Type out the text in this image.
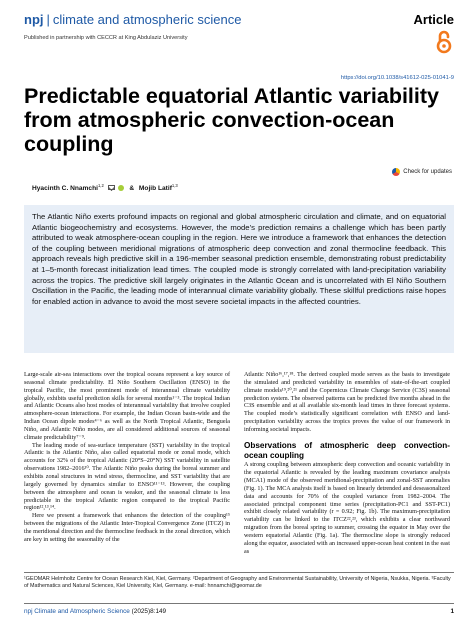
npj | climate and atmospheric science	Article
Published in partnership with CECCR at King Abdulaziz University
https://doi.org/10.1038/s41612-025-01041-9
Predictable equatorial Atlantic variability from atmospheric convection-ocean coupling
Check for updates
Hyacinth C. Nnamchi$^{1,2}$	& Mojib Latif$^{1,3}$

The Atlantic Niño exerts profound impacts on regional and global atmospheric circulation and climate, and on equatorial Atlantic biogeochemistry and ecosystems. However, the mode’s prediction remains a challenge which has been partly attributed to weak atmosphere-ocean coupling in the region. Here we introduce a framework that enhances the detection of the coupling between meridional migrations of atmospheric deep convection and zonal thermocline feedback. This approach reveals high predictive skill in a 196-member seasonal prediction ensemble, demonstrating robust predictability at 1–5-month forecast initialization lead times. The coupled mode is strongly correlated with land-precipitation variability across the tropics. The predictive skill largely originates in the Atlantic Ocean and is uncorrelated with El Niño Southern Oscillation in the Pacific, the leading mode of interannual climate variability globally. These skillful predictions raise hopes for enabled action in advance to avoid the most severe societal impacts in the affected countries.

Large-scale air-sea interactions over the tropical oceans represent a key source of seasonal climate predictability. El Niño Southern Oscillation (ENSO) in the tropical Pacific, the most prominent mode of interannual climate variability globally, exhibits useful prediction skills for several months¹⁻³. The tropical Indian and Atlantic Oceans also host modes of interannual variability that involve coupled atmosphere-ocean interactions. For example, the Indian Ocean basin-wide and the Indian Ocean dipole modes⁴⁻⁶ as well as the North Tropical Atlantic, Benguela Niño, and Atlantic Niño modes, are all considered additional sources of seasonal climate predictability⁷⁻⁹.

The leading mode of sea-surface temperature (SST) variability in the tropical Atlantic is the Atlantic Niño, also called equatorial mode or zonal mode, which accounts for 32% of the tropical Atlantic (20°S–20°N) SST variability in satellite observations 1982–2016¹⁰. The Atlantic Niño peaks during the boreal summer and exhibits zonal structures in wind stress, thermocline, and SST variability that are largely governed by dynamics similar to ENSO¹¹⁻¹³. However, the coupling between the atmosphere and ocean is weaker, and the seasonal climate is less predictable in the tropical Atlantic region compared to the tropical Pacific region¹²,¹³,¹⁴.

Here we present a framework that enhances the detection of the coupling¹⁵ between the migrations of the Atlantic Inter-Tropical Convergence Zone (ITCZ) in the meridional direction and the thermocline feedback in the zonal direction, which are key in setting the seasonality of the

Atlantic Niño¹⁶,¹⁷,¹⁸. The derived coupled mode serves as the basis to investigate the simulated and predicted variability in ensembles of state-of-the-art coupled climate models¹⁹,²⁰,²¹ and the Copernicus Climate Change Service (C3S) seasonal prediction system. The observed patterns can be predicted five months ahead in the C3S ensemble and at all available six-month lead times in three forecast systems. The coupled mode’s statistically significant correlation with ENSO and land-precipitation variability across the tropics proves the value of our framework in informing societal impacts.

Observations of atmospheric deep convection-ocean coupling

A strong coupling between atmospheric deep convection and oceanic variability in the equatorial Atlantic is revealed by the leading maximum covariance analysis (MCA1) mode of the observed meridional-precipitation and zonal-SST anomalies (Fig. 1). The MCA analysis itself is based on linearly detrended and deseasonalized data and accounts for 70% of the coupled variance from 1982–2004. The associated principal component time series (precipitation-PC1 and SST-PC1) exhibit closely related variability (r = 0.92; Fig. 1b). The maximum-precipitation variability can be linked to the ITCZ²²,²³, which exhibits a clear northward migration from the boreal spring to summer, crossing the equator in May over the western equatorial Atlantic (Fig. 1a). The thermocline slope is strongly reduced along the equator, associated with an increased upper-ocean heat content in the east as

¹GEOMAR Helmholtz Centre for Ocean Research Kiel, Kiel, Germany. ²Department of Geography and Environmental Sustainability, University of Nigeria, Nsukka, Nigeria. ³Faculty of Mathematics and Natural Sciences, Kiel University, Kiel, Germany. e-mail: hnnamchi@geomar.de
npj Climate and Atmospheric Science (2025)8:149	1
